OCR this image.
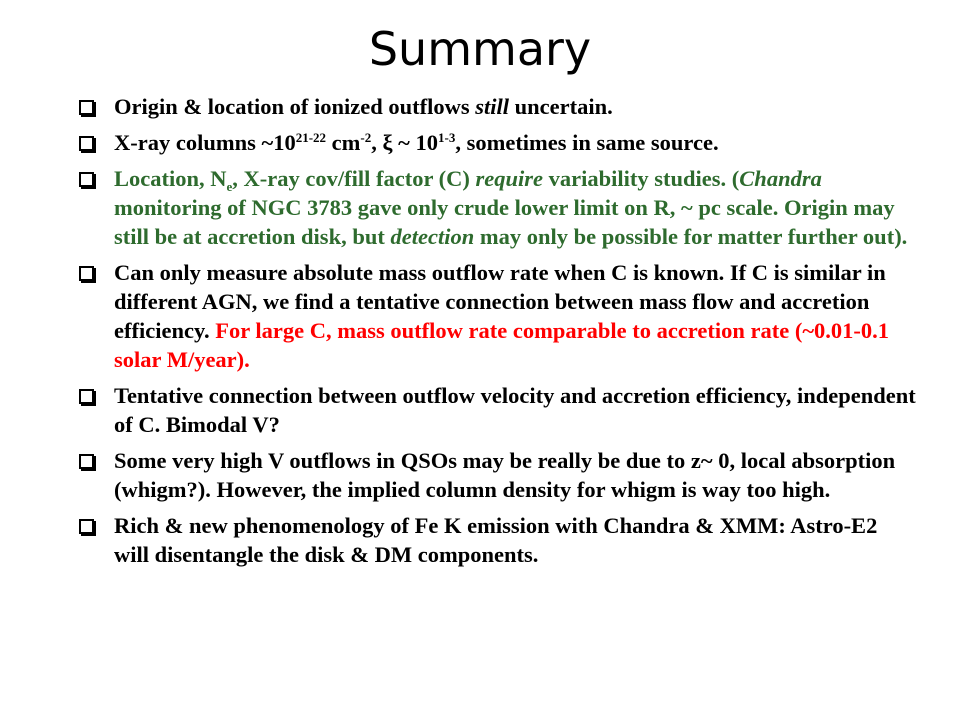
Summary
Origin & location of ionized outflows still uncertain.
X-ray columns ~10$^{21-22}$ $cm^{-2}$, ξ ~ 10$^{1-3}$, sometimes in same source.
Location, $N_e$, X-ray cov/fill factor (C) require variability studies. (Chandra monitoring of NGC 3783 gave only crude lower limit on R, ~ pc scale. Origin may still be at accretion disk, but detection may only be possible for matter further out).
Can only measure absolute mass outflow rate when C is known. If C is similar in different AGN, we find a tentative connection between mass flow and accretion efficiency. For large C, mass outflow rate comparable to accretion rate (~0.01-0.1 solar M/year).
Tentative connection between outflow velocity and accretion efficiency, independent of C. Bimodal V?
Some very high V outflows in QSOs may be really be due to z~ 0, local absorption (whigm?). However, the implied column density for whigm is way too high.
Rich & new phenomenology of Fe K emission with Chandra & XMM: Astro-E2 will disentangle the disk & DM components.
